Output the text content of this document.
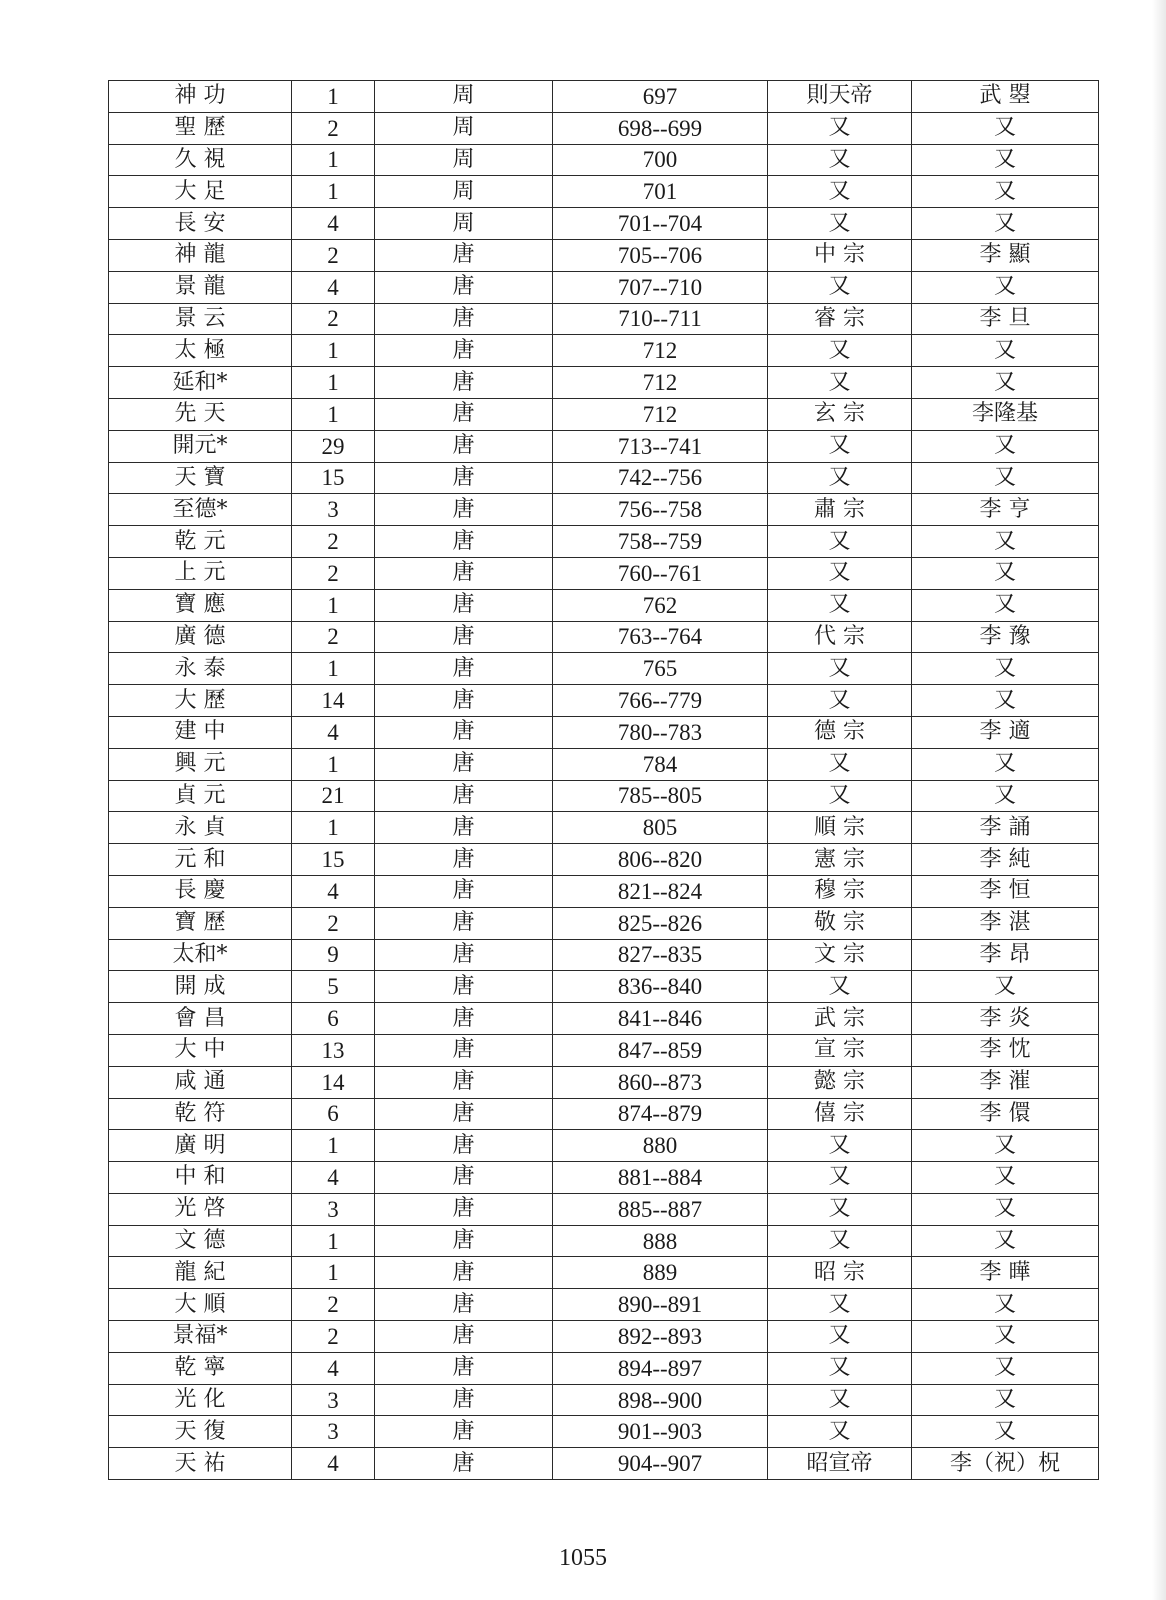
神 功	1	周	697	則天帝	武 曌
聖 歷	2	周	698--699	又	又
久 視	1	周	700	又	又
大 足	1	周	701	又	又
長 安	4	周	701--704	又	又
神 龍	2	唐	705--706	中 宗	李 顯
景 龍	4	唐	707--710	又	又
景 云	2	唐	710--711	睿 宗	李 旦
太 極	1	唐	712	又	又
延和*	1	唐	712	又	又
先 天	1	唐	712	玄 宗	李隆基
開元*	29	唐	713--741	又	又
天 寶	15	唐	742--756	又	又
至德*	3	唐	756--758	肅 宗	李 亨
乾 元	2	唐	758--759	又	又
上 元	2	唐	760--761	又	又
寶 應	1	唐	762	又	又
廣 德	2	唐	763--764	代 宗	李 豫
永 泰	1	唐	765	又	又
大 歷	14	唐	766--779	又	又
建 中	4	唐	780--783	德 宗	李 適
興 元	1	唐	784	又	又
貞 元	21	唐	785--805	又	又
永 貞	1	唐	805	順 宗	李 誦
元 和	15	唐	806--820	憲 宗	李 純
長 慶	4	唐	821--824	穆 宗	李 恒
寶 歷	2	唐	825--826	敬 宗	李 湛
太和*	9	唐	827--835	文 宗	李 昂
開 成	5	唐	836--840	又	又
會 昌	6	唐	841--846	武 宗	李 炎
大 中	13	唐	847--859	宣 宗	李 忱
咸 通	14	唐	860--873	懿 宗	李 漼
乾 符	6	唐	874--879	僖 宗	李 儇
廣 明	1	唐	880	又	又
中 和	4	唐	881--884	又	又
光 啓	3	唐	885--887	又	又
文 德	1	唐	888	又	又
龍 紀	1	唐	889	昭 宗	李 曄
大 順	2	唐	890--891	又	又
景福*	2	唐	892--893	又	又
乾 寧	4	唐	894--897	又	又
光 化	3	唐	898--900	又	又
天 復	3	唐	901--903	又	又
天 祐	4	唐	904--907	昭宣帝	李（祝）柷
1055
